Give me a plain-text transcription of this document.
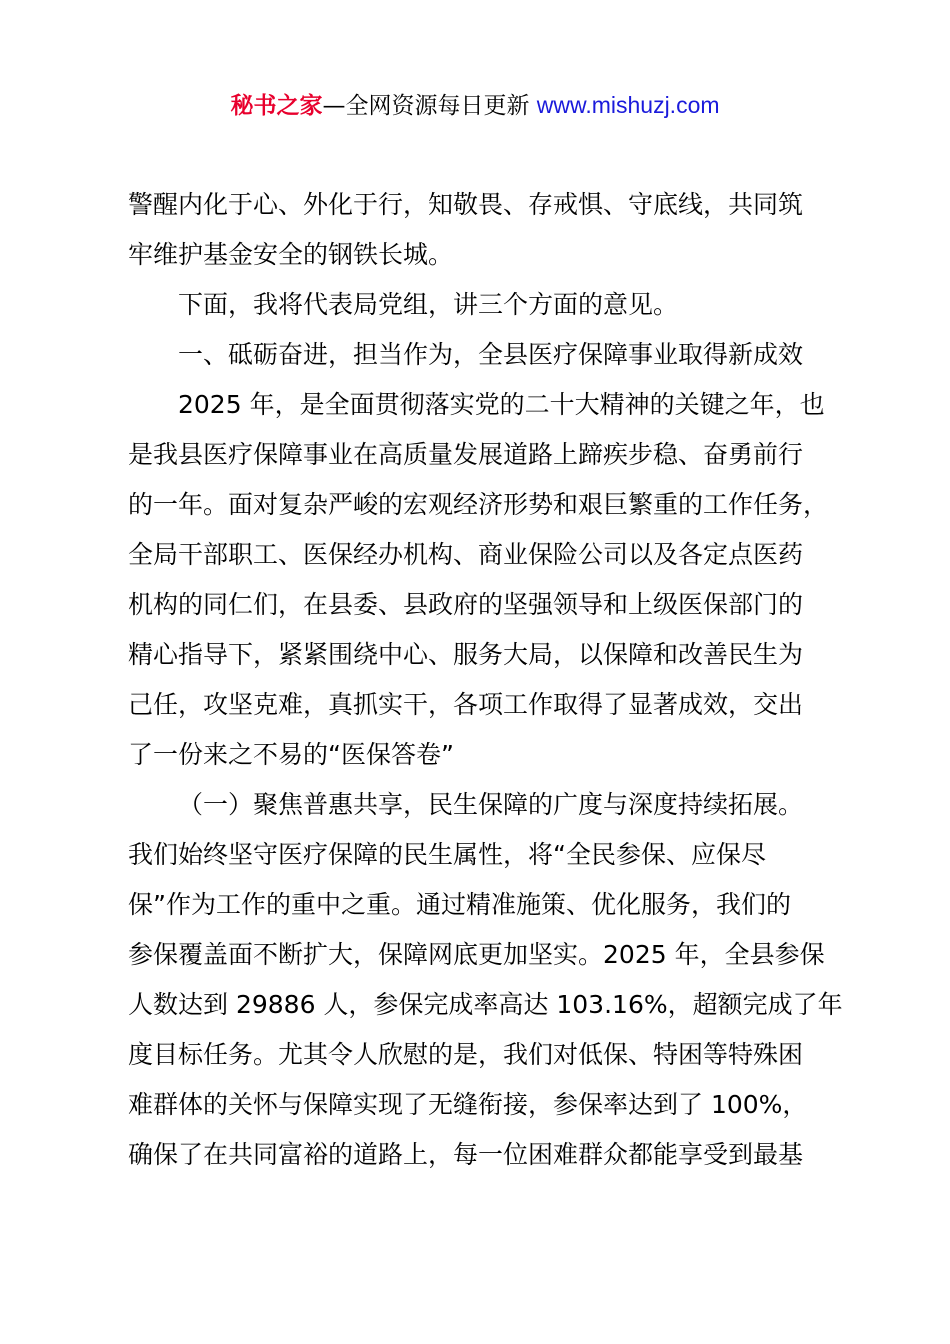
秘书之家—全网资源每日更新 www.mishuzj.com
警醒内化于心、外化于行，知敬畏、存戒惧、守底线，共同筑
牢维护基金安全的钢铁长城。
下面，我将代表局党组，讲三个方面的意见。
一、砥砺奋进，担当作为，全县医疗保障事业取得新成效
2025 年，是全面贯彻落实党的二十大精神的关键之年，也
是我县医疗保障事业在高质量发展道路上蹄疾步稳、奋勇前行
的一年。面对复杂严峻的宏观经济形势和艰巨繁重的工作任务，
全局干部职工、医保经办机构、商业保险公司以及各定点医药
机构的同仁们，在县委、县政府的坚强领导和上级医保部门的
精心指导下，紧紧围绕中心、服务大局，以保障和改善民生为
己任，攻坚克难，真抓实干，各项工作取得了显著成效，交出
了一份来之不易的“医保答卷”
（一）聚焦普惠共享，民生保障的广度与深度持续拓展。
我们始终坚守医疗保障的民生属性，将“全民参保、应保尽
保”作为工作的重中之重。通过精准施策、优化服务，我们的
参保覆盖面不断扩大，保障网底更加坚实。2025 年，全县参保
人数达到 29886 人，参保完成率高达 103.16%，超额完成了年
度目标任务。尤其令人欣慰的是，我们对低保、特困等特殊困
难群体的关怀与保障实现了无缝衔接，参保率达到了 100%，
确保了在共同富裕的道路上，每一位困难群众都能享受到最基
